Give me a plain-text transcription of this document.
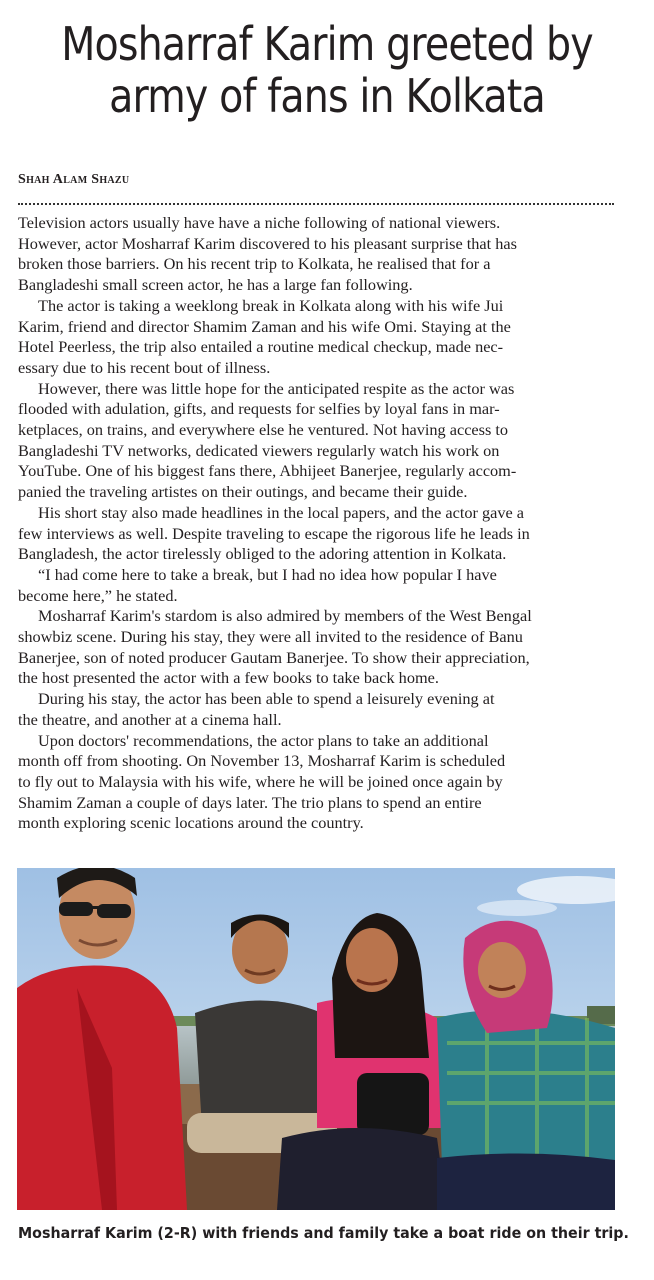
Mosharraf Karim greeted by
army of fans in Kolkata
Shah Alam Shazu
Television actors usually have have a niche following of national viewers.
However, actor Mosharraf Karim discovered to his pleasant surprise that has
broken those barriers. On his recent trip to Kolkata, he realised that for a
Bangladeshi small screen actor, he has a large fan following.
The actor is taking a weeklong break in Kolkata along with his wife Jui
Karim, friend and director Shamim Zaman and his wife Omi. Staying at the
Hotel Peerless, the trip also entailed a routine medical checkup, made nec-
essary due to his recent bout of illness.
However, there was little hope for the anticipated respite as the actor was
flooded with adulation, gifts, and requests for selfies by loyal fans in mar-
ketplaces, on trains, and everywhere else he ventured. Not having access to
Bangladeshi TV networks, dedicated viewers regularly watch his work on
YouTube. One of his biggest fans there, Abhijeet Banerjee, regularly accom-
panied the traveling artistes on their outings, and became their guide.
His short stay also made headlines in the local papers, and the actor gave a
few interviews as well. Despite traveling to escape the rigorous life he leads in
Bangladesh, the actor tirelessly obliged to the adoring attention in Kolkata.
“I had come here to take a break, but I had no idea how popular I have
become here,” he stated.
Mosharraf Karim's stardom is also admired by members of the West Bengal
showbiz scene. During his stay, they were all invited to the residence of Banu
Banerjee, son of noted producer Gautam Banerjee. To show their appreciation,
the host presented the actor with a few books to take back home.
During his stay, the actor has been able to spend a leisurely evening at
the theatre, and another at a cinema hall.
Upon doctors' recommendations, the actor plans to take an additional
month off from shooting. On November 13, Mosharraf Karim is scheduled
to fly out to Malaysia with his wife, where he will be joined once again by
Shamim Zaman a couple of days later. The trio plans to spend an entire
month exploring scenic locations around the country.

Mosharraf Karim (2-R) with friends and family take a boat ride on their trip.
